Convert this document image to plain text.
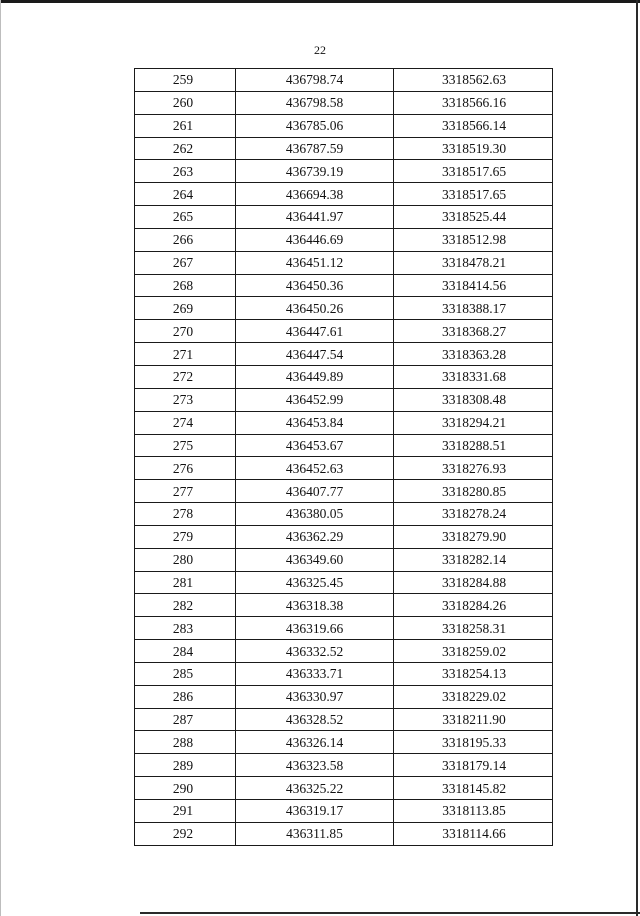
22
259	436798.74	3318562.63
260	436798.58	3318566.16
261	436785.06	3318566.14
262	436787.59	3318519.30
263	436739.19	3318517.65
264	436694.38	3318517.65
265	436441.97	3318525.44
266	436446.69	3318512.98
267	436451.12	3318478.21
268	436450.36	3318414.56
269	436450.26	3318388.17
270	436447.61	3318368.27
271	436447.54	3318363.28
272	436449.89	3318331.68
273	436452.99	3318308.48
274	436453.84	3318294.21
275	436453.67	3318288.51
276	436452.63	3318276.93
277	436407.77	3318280.85
278	436380.05	3318278.24
279	436362.29	3318279.90
280	436349.60	3318282.14
281	436325.45	3318284.88
282	436318.38	3318284.26
283	436319.66	3318258.31
284	436332.52	3318259.02
285	436333.71	3318254.13
286	436330.97	3318229.02
287	436328.52	3318211.90
288	436326.14	3318195.33
289	436323.58	3318179.14
290	436325.22	3318145.82
291	436319.17	3318113.85
292	436311.85	3318114.66
